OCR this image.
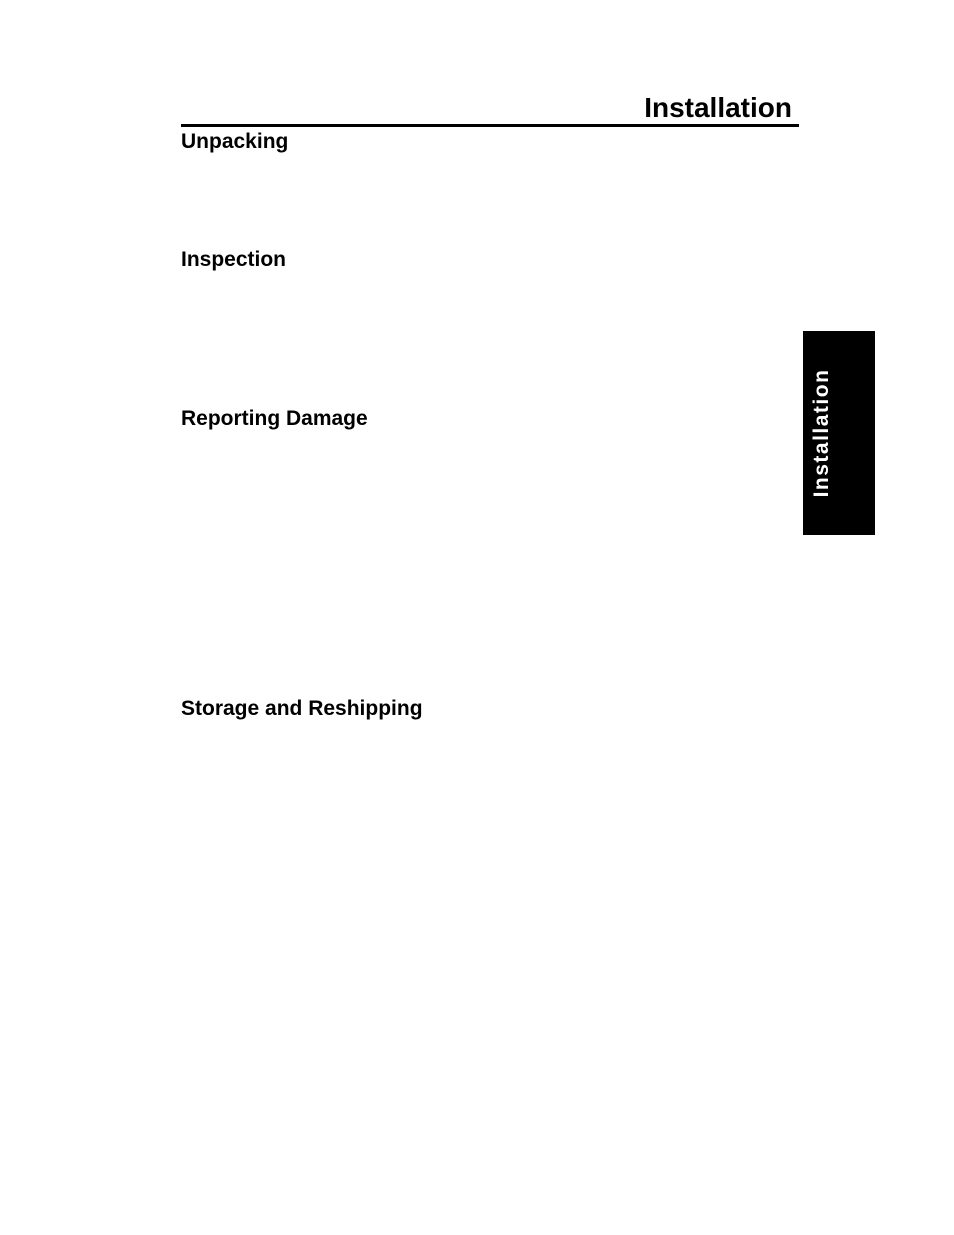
Installation
Unpacking
Inspection
Reporting Damage
Storage and Reshipping
Installation
